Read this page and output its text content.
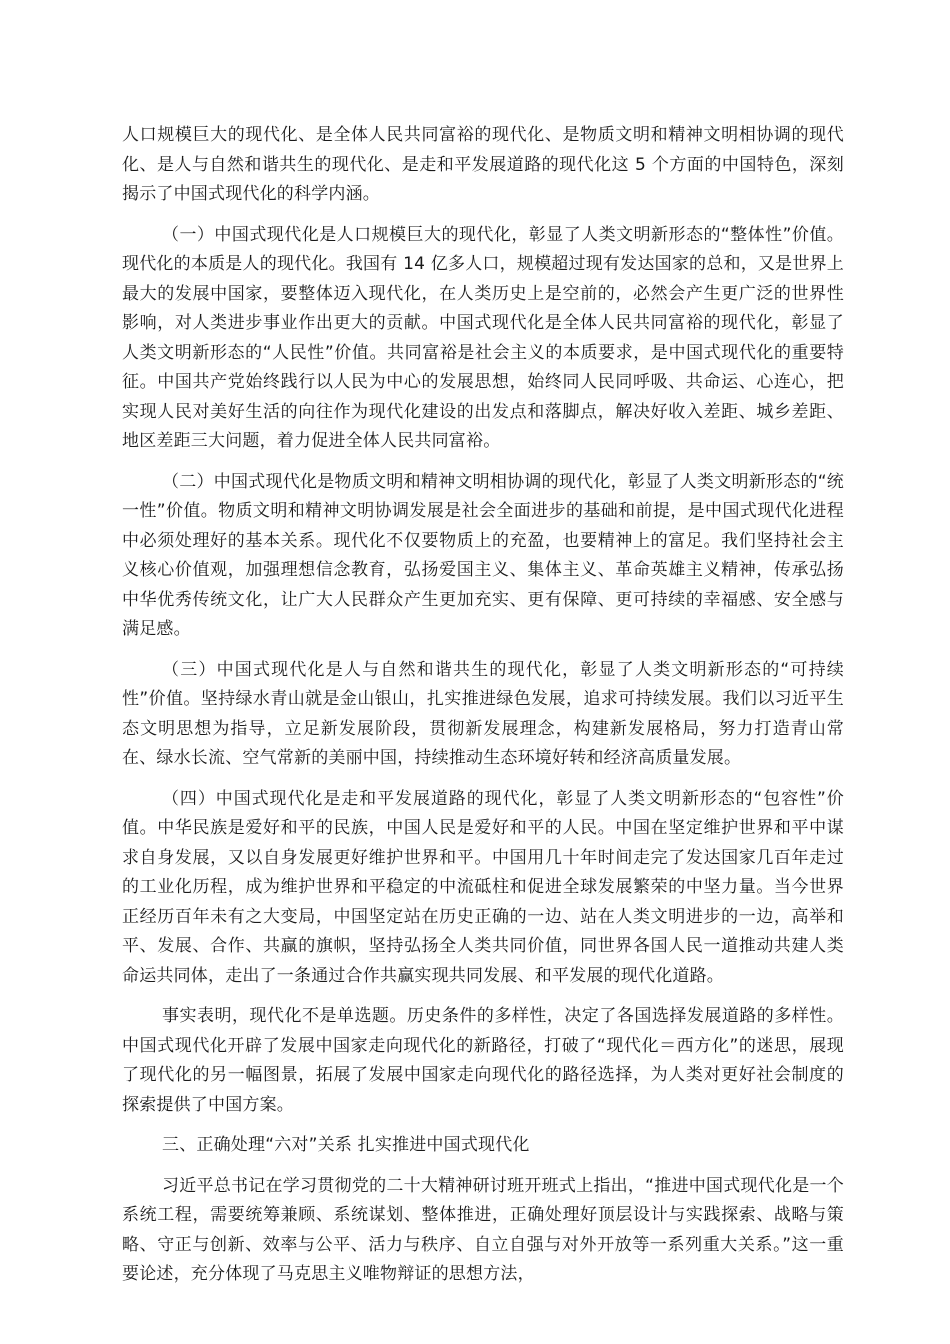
人口规模巨大的现代化、是全体人民共同富裕的现代化、是物质文明和精神文明相协调的现代化、是人与自然和谐共生的现代化、是走和平发展道路的现代化这 5 个方面的中国特色，深刻揭示了中国式现代化的科学内涵。

（一）中国式现代化是人口规模巨大的现代化，彰显了人类文明新形态的“整体性”价值。现代化的本质是人的现代化。我国有 14 亿多人口，规模超过现有发达国家的总和，又是世界上最大的发展中国家，要整体迈入现代化，在人类历史上是空前的，必然会产生更广泛的世界性影响，对人类进步事业作出更大的贡献。中国式现代化是全体人民共同富裕的现代化，彰显了人类文明新形态的“人民性”价值。共同富裕是社会主义的本质要求，是中国式现代化的重要特征。中国共产党始终践行以人民为中心的发展思想，始终同人民同呼吸、共命运、心连心，把实现人民对美好生活的向往作为现代化建设的出发点和落脚点，解决好收入差距、城乡差距、地区差距三大问题，着力促进全体人民共同富裕。

（二）中国式现代化是物质文明和精神文明相协调的现代化，彰显了人类文明新形态的“统一性”价值。物质文明和精神文明协调发展是社会全面进步的基础和前提，是中国式现代化进程中必须处理好的基本关系。现代化不仅要物质上的充盈，也要精神上的富足。我们坚持社会主义核心价值观，加强理想信念教育，弘扬爱国主义、集体主义、革命英雄主义精神，传承弘扬中华优秀传统文化，让广大人民群众产生更加充实、更有保障、更可持续的幸福感、安全感与满足感。

（三）中国式现代化是人与自然和谐共生的现代化，彰显了人类文明新形态的“可持续性”价值。坚持绿水青山就是金山银山，扎实推进绿色发展，追求可持续发展。我们以习近平生态文明思想为指导，立足新发展阶段，贯彻新发展理念，构建新发展格局，努力打造青山常在、绿水长流、空气常新的美丽中国，持续推动生态环境好转和经济高质量发展。

（四）中国式现代化是走和平发展道路的现代化，彰显了人类文明新形态的“包容性”价值。中华民族是爱好和平的民族，中国人民是爱好和平的人民。中国在坚定维护世界和平中谋求自身发展，又以自身发展更好维护世界和平。中国用几十年时间走完了发达国家几百年走过的工业化历程，成为维护世界和平稳定的中流砥柱和促进全球发展繁荣的中坚力量。当今世界正经历百年未有之大变局，中国坚定站在历史正确的一边、站在人类文明进步的一边，高举和平、发展、合作、共赢的旗帜，坚持弘扬全人类共同价值，同世界各国人民一道推动共建人类命运共同体，走出了一条通过合作共赢实现共同发展、和平发展的现代化道路。

事实表明，现代化不是单选题。历史条件的多样性，决定了各国选择发展道路的多样性。中国式现代化开辟了发展中国家走向现代化的新路径，打破了“现代化＝西方化”的迷思，展现了现代化的另一幅图景，拓展了发展中国家走向现代化的路径选择，为人类对更好社会制度的探索提供了中国方案。

三、正确处理“六对”关系 扎实推进中国式现代化

习近平总书记在学习贯彻党的二十大精神研讨班开班式上指出，“推进中国式现代化是一个系统工程，需要统筹兼顾、系统谋划、整体推进，正确处理好顶层设计与实践探索、战略与策略、守正与创新、效率与公平、活力与秩序、自立自强与对外开放等一系列重大关系。”这一重要论述，充分体现了马克思主义唯物辩证的思想方法，
